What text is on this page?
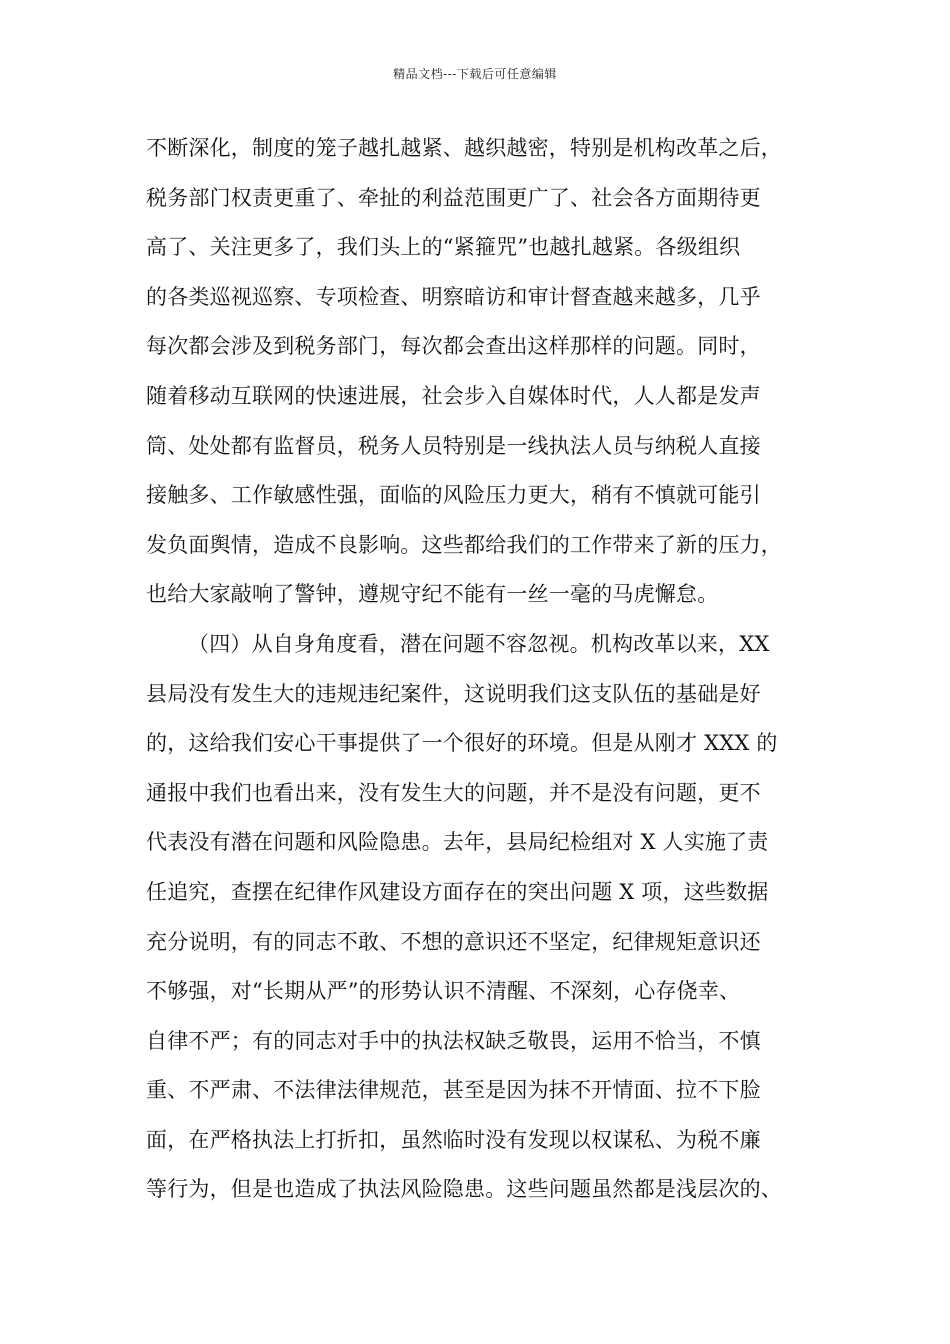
精品文档---下载后可任意编辑
不断深化，制度的笼子越扎越紧、越织越密，特别是机构改革之后，
税务部门权责更重了、牵扯的利益范围更广了、社会各方面期待更
高了、关注更多了，我们头上的“紧箍咒”也越扎越紧。各级组织
的各类巡视巡察、专项检查、明察暗访和审计督查越来越多，几乎
每次都会涉及到税务部门，每次都会查出这样那样的问题。同时，
随着移动互联网的快速进展，社会步入自媒体时代，人人都是发声
筒、处处都有监督员，税务人员特别是一线执法人员与纳税人直接
接触多、工作敏感性强，面临的风险压力更大，稍有不慎就可能引
发负面舆情，造成不良影响。这些都给我们的工作带来了新的压力，
也给大家敲响了警钟，遵规守纪不能有一丝一毫的马虎懈怠。
（四）从自身角度看，潜在问题不容忽视。机构改革以来，XX
县局没有发生大的违规违纪案件，这说明我们这支队伍的基础是好
的，这给我们安心干事提供了一个很好的环境。但是从刚才 XXX 的
通报中我们也看出来，没有发生大的问题，并不是没有问题，更不
代表没有潜在问题和风险隐患。去年，县局纪检组对 X 人实施了责
任追究，查摆在纪律作风建设方面存在的突出问题 X 项，这些数据
充分说明，有的同志不敢、不想的意识还不坚定，纪律规矩意识还
不够强，对“长期从严”的形势认识不清醒、不深刻，心存侥幸、
自律不严；有的同志对手中的执法权缺乏敬畏，运用不恰当，不慎
重、不严肃、不法律法律规范，甚至是因为抹不开情面、拉不下脸
面，在严格执法上打折扣，虽然临时没有发现以权谋私、为税不廉
等行为，但是也造成了执法风险隐患。这些问题虽然都是浅层次的、
